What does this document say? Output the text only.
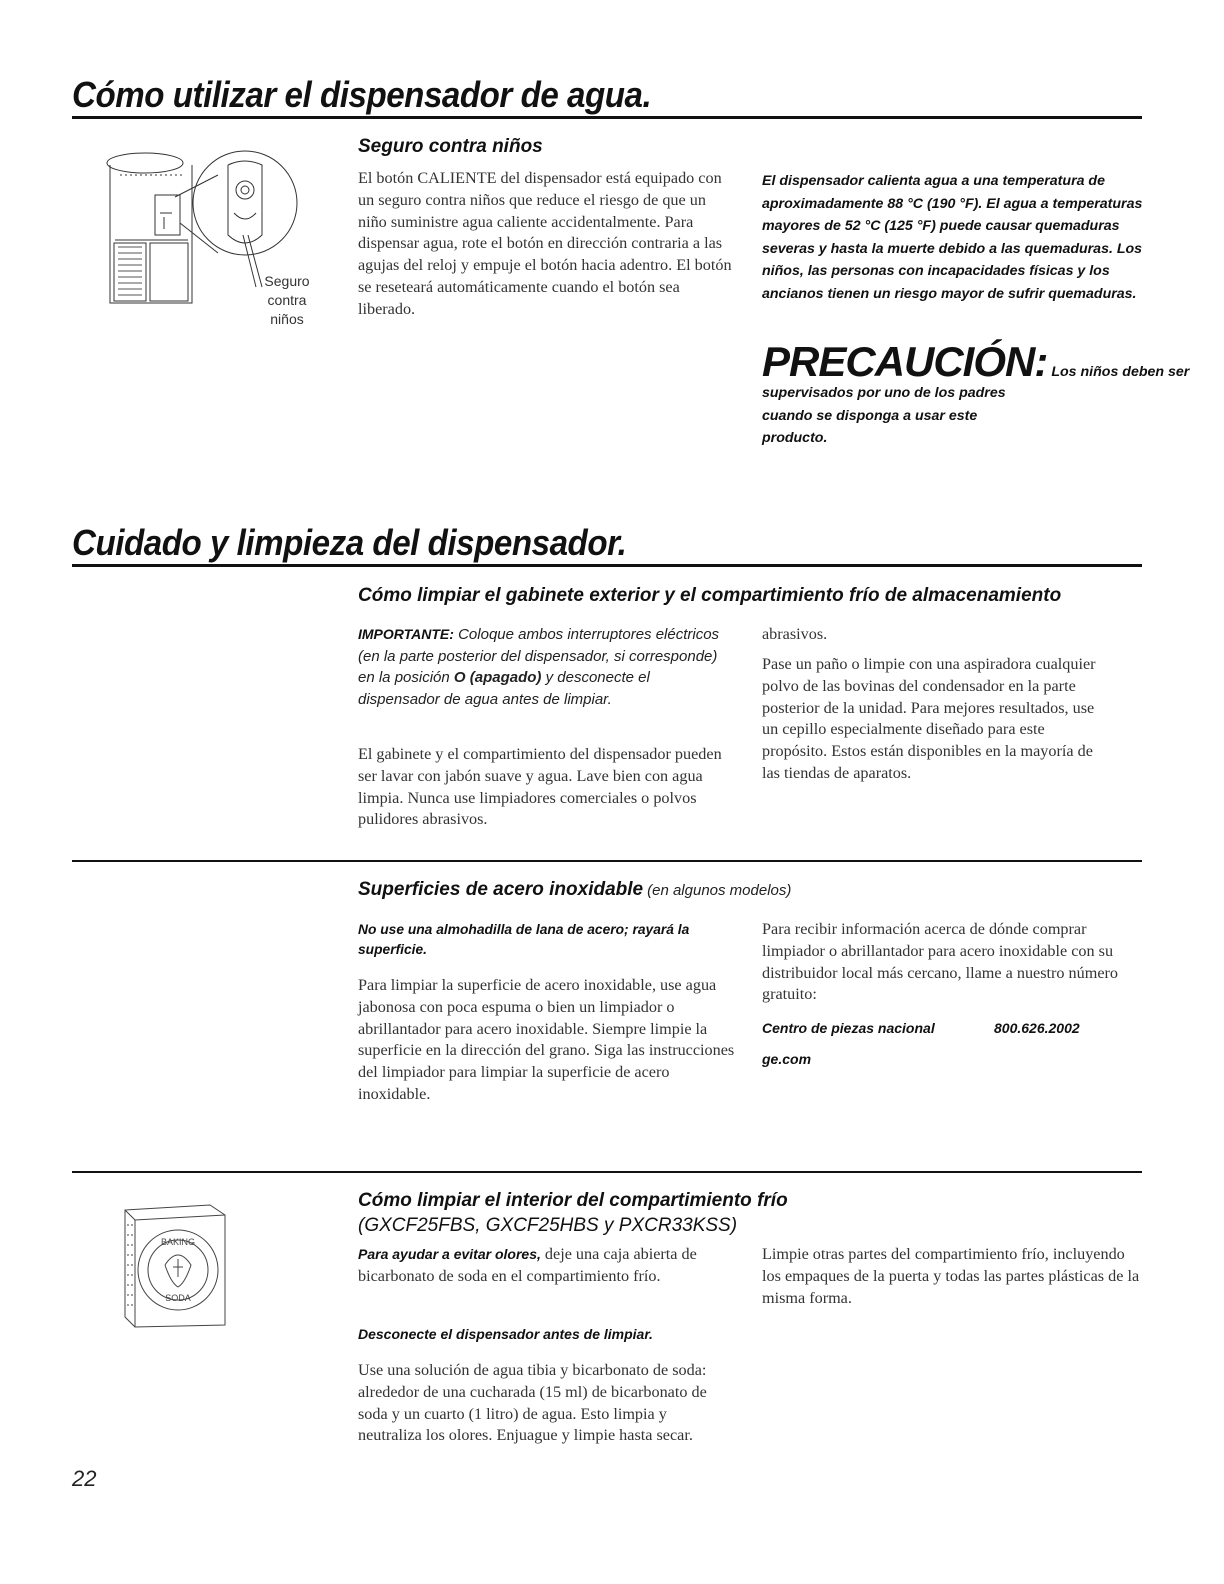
Cómo utilizar el dispensador de agua.
Seguro
contra
niños
Seguro contra niños

El botón CALIENTE del dispensador está equipado con un seguro contra niños que reduce el riesgo de que un niño suministre agua caliente accidentalmente. Para dispensar agua, rote el botón en dirección contraria a las agujas del reloj y empuje el botón hacia adentro. El botón se reseteará automáticamente cuando el botón sea liberado.

El dispensador calienta agua a una temperatura de aproximadamente 88 °C (190 °F). El agua a temperaturas mayores de 52 °C (125 °F) puede causar quemaduras severas y hasta la muerte debido a las quemaduras. Los niños, las personas con incapacidades físicas y los ancianos tienen un riesgo mayor de sufrir quemaduras.

PRECAUCIÓN: Los niños deben ser

supervisados por uno de los padres cuando se disponga a usar este producto.

Cuidado y limpieza del dispensador.
Cómo limpiar el gabinete exterior y el compartimiento frío de almacenamiento

IMPORTANTE: Coloque ambos interruptores eléctricos (en la parte posterior del dispensador, si corresponde) en la posición O (apagado) y desconecte el dispensador de agua antes de limpiar.

El gabinete y el compartimiento del dispensador pueden ser lavar con jabón suave y agua. Lave bien con agua limpia. Nunca use limpiadores comerciales o polvos pulidores abrasivos.

Pase un paño o limpie con una aspiradora cualquier polvo de las bovinas del condensador en la parte posterior de la unidad. Para mejores resultados, use un cepillo especialmente diseñado para este propósito. Estos están disponibles en la mayoría de las tiendas de aparatos.

abrasivos.

Superficies de acero inoxidable (en algunos modelos)

No use una almohadilla de lana de acero; rayará la superficie.

Para limpiar la superficie de acero inoxidable, use agua jabonosa con poca espuma o bien un limpiador o abrillantador para acero inoxidable. Siempre limpie la superficie en la dirección del grano. Siga las instrucciones del limpiador para limpiar la superficie de acero inoxidable.

Para recibir información acerca de dónde comprar limpiador o abrillantador para acero inoxidable con su distribuidor local más cercano, llame a nuestro número gratuito:

Centro de piezas nacional	800.626.2002
ge.com
BAKING
SODA
Cómo limpiar el interior del compartimiento frío
(GXCF25FBS, GXCF25HBS y PXCR33KSS)

Para ayudar a evitar olores, deje una caja abierta de bicarbonato de soda en el compartimiento frío.

Desconecte el dispensador antes de limpiar.

Use una solución de agua tibia y bicarbonato de soda: alrededor de una cucharada (15 ml) de bicarbonato de soda y un cuarto (1 litro) de agua. Esto limpia y neutraliza los olores. Enjuague y limpie hasta secar.

Limpie otras partes del compartimiento frío, incluyendo los empaques de la puerta y todas las partes plásticas de la misma forma.

22
